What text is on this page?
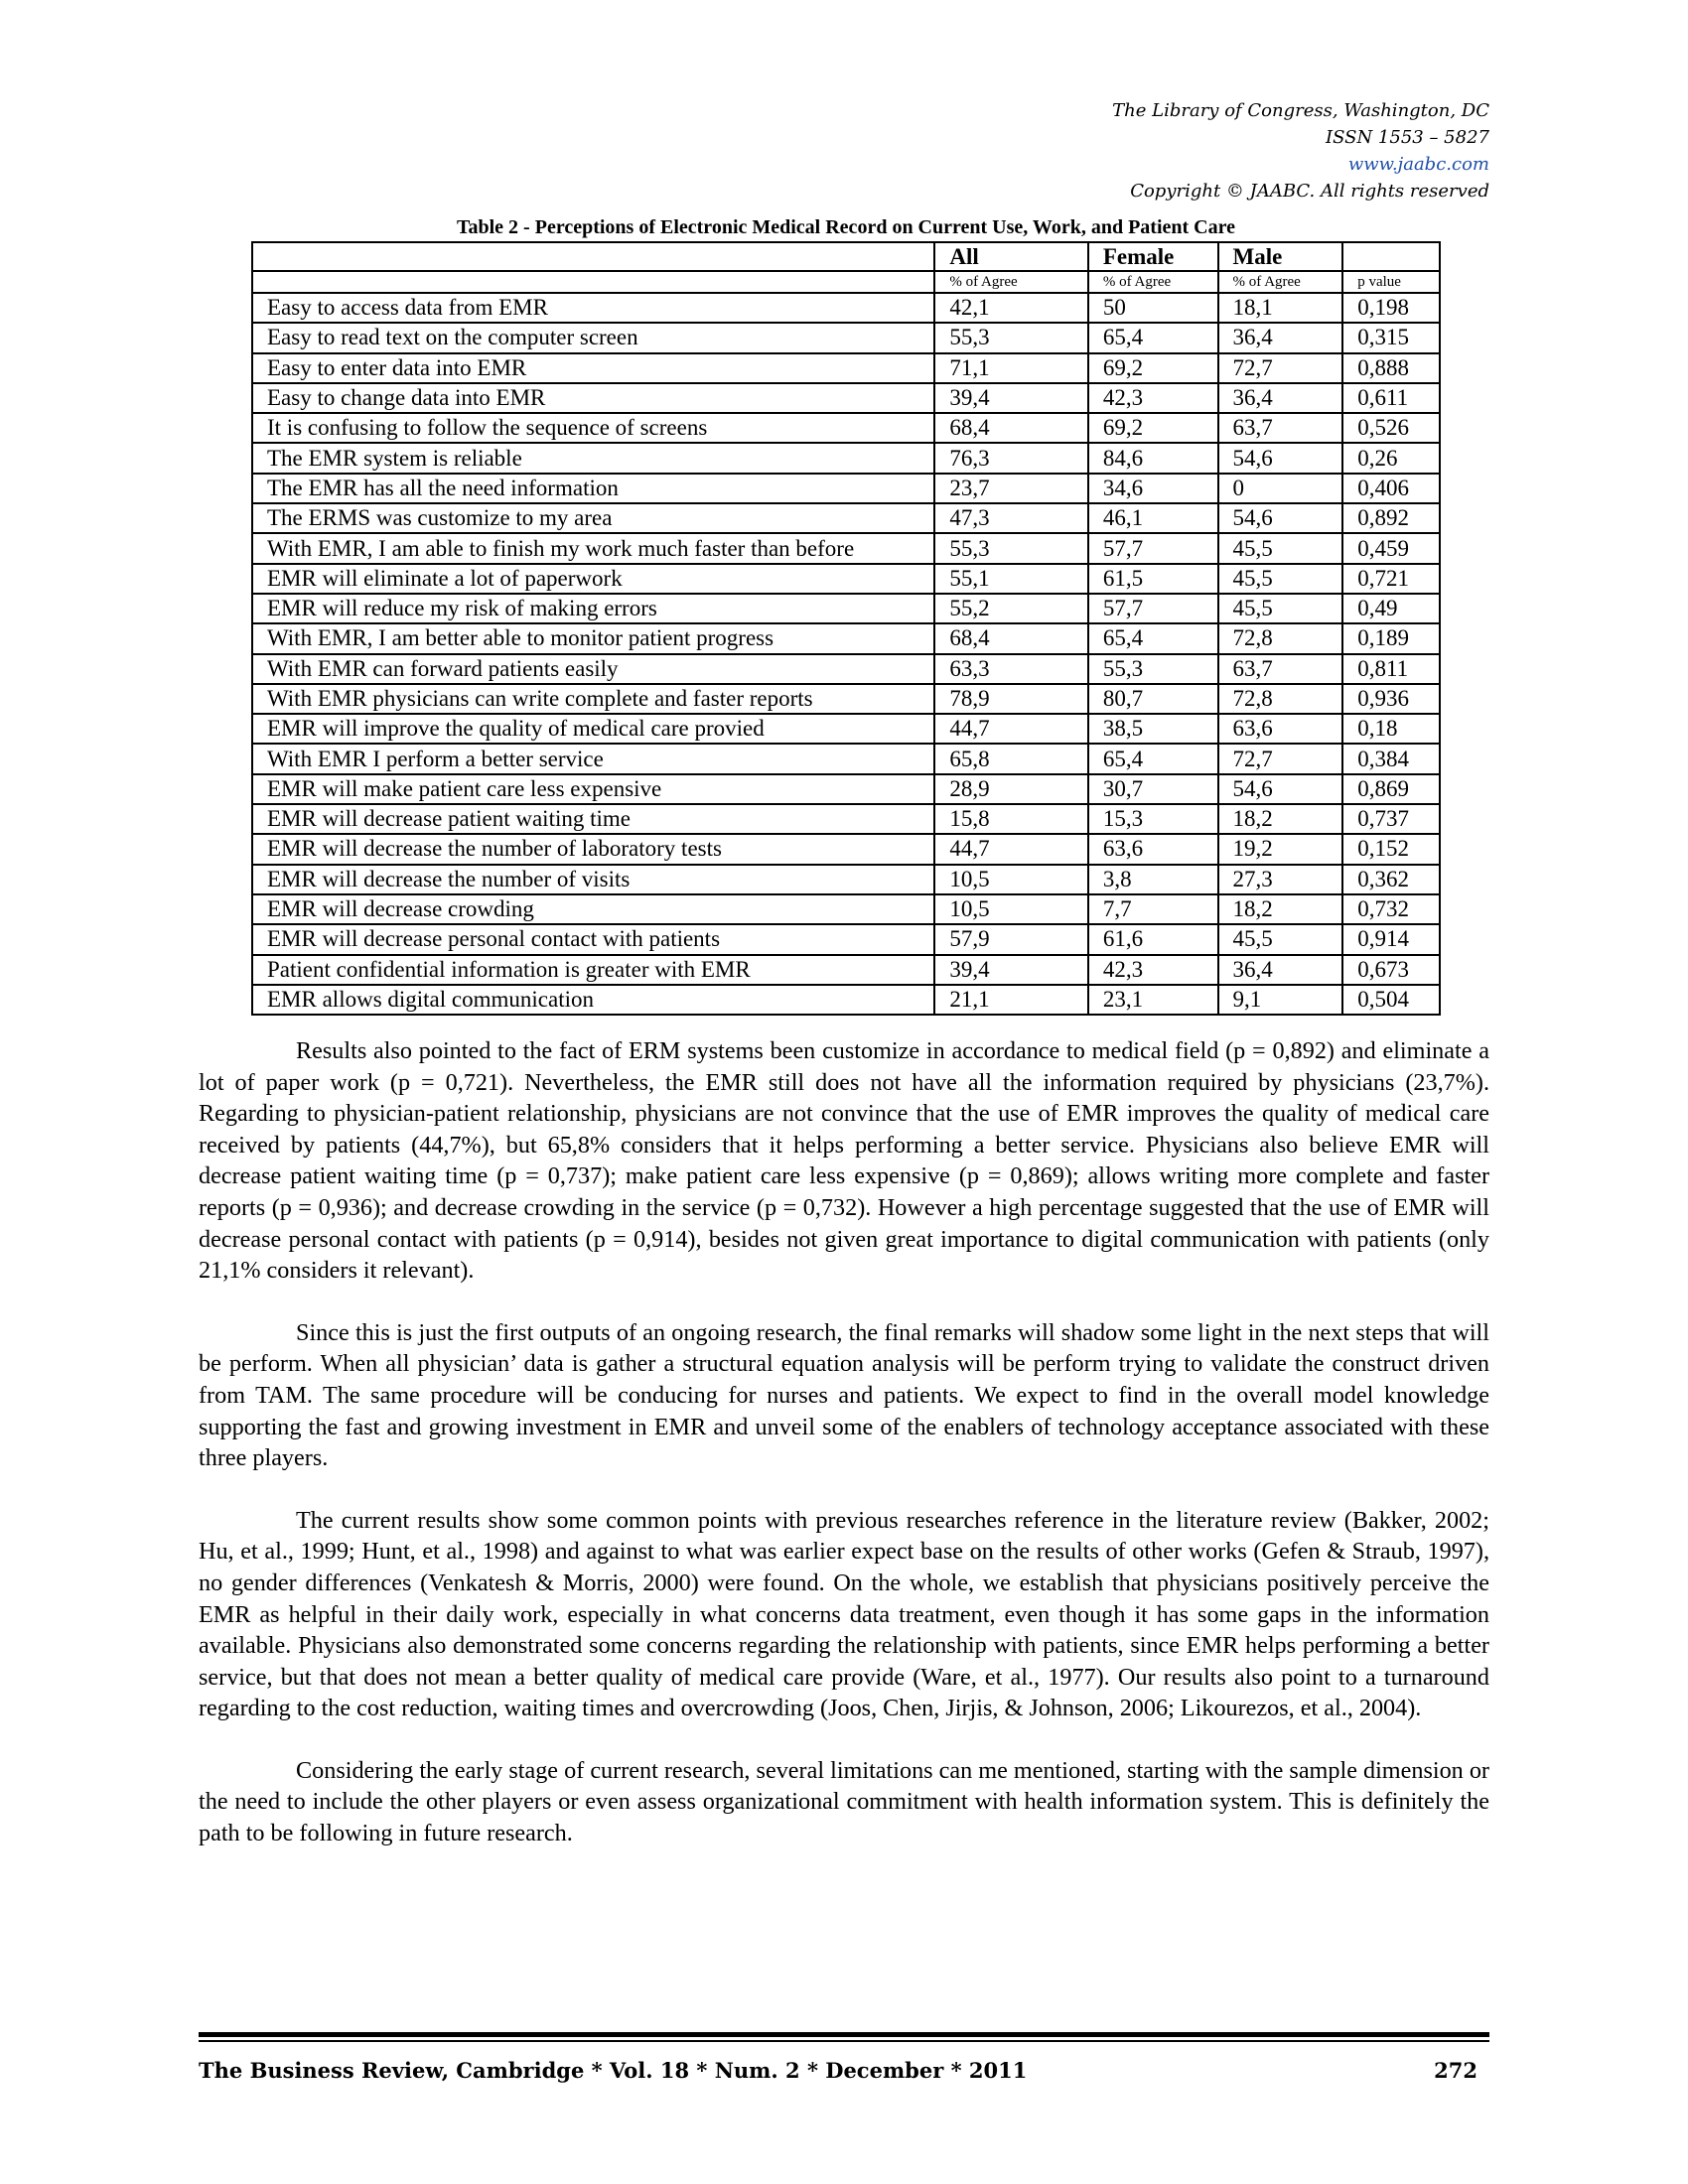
The Library of Congress, Washington, DC
ISSN 1553 – 5827
www.jaabc.com
Copyright © JAABC. All rights reserved
Table 2 - Perceptions of Electronic Medical Record on Current Use, Work, and Patient Care
	All	Female	Male	
	% of Agree	% of Agree	% of Agree	p value
Easy to access data from EMR	42,1	50	18,1	0,198
Easy to read text on the computer screen	55,3	65,4	36,4	0,315
Easy to enter data into EMR	71,1	69,2	72,7	0,888
Easy to change data into EMR	39,4	42,3	36,4	0,611
It is confusing to follow the sequence of screens	68,4	69,2	63,7	0,526
The EMR system is reliable	76,3	84,6	54,6	0,26
The EMR has all the need information	23,7	34,6	0	0,406
The ERMS was customize to my area	47,3	46,1	54,6	0,892
With EMR, I am able to finish my work much faster than before	55,3	57,7	45,5	0,459
EMR will eliminate a lot of paperwork	55,1	61,5	45,5	0,721
EMR will reduce my risk of making errors	55,2	57,7	45,5	0,49
With EMR, I am better able to monitor patient progress	68,4	65,4	72,8	0,189
With EMR can forward patients easily	63,3	55,3	63,7	0,811
With EMR physicians can write complete and faster reports	78,9	80,7	72,8	0,936
EMR will improve the quality of medical care provied	44,7	38,5	63,6	0,18
With EMR I perform a better service	65,8	65,4	72,7	0,384
EMR will make patient care less expensive	28,9	30,7	54,6	0,869
EMR will decrease patient waiting time	15,8	15,3	18,2	0,737
EMR will decrease the number of laboratory tests	44,7	63,6	19,2	0,152
EMR will decrease the number of visits	10,5	3,8	27,3	0,362
EMR will decrease crowding	10,5	7,7	18,2	0,732
EMR will decrease personal contact with patients	57,9	61,6	45,5	0,914
Patient confidential information is greater with EMR	39,4	42,3	36,4	0,673
EMR allows digital communication	21,1	23,1	9,1	0,504

Results also pointed to the fact of ERM systems been customize in accordance to medical field (p = 0,892) and eliminate a lot of paper work (p = 0,721). Nevertheless, the EMR still does not have all the information required by physicians (23,7%). Regarding to physician-patient relationship, physicians are not convince that the use of EMR improves the quality of medical care received by patients (44,7%), but 65,8% considers that it helps performing a better service. Physicians also believe EMR will decrease patient waiting time (p = 0,737); make patient care less expensive (p = 0,869); allows writing more complete and faster reports (p = 0,936); and decrease crowding in the service (p = 0,732). However a high percentage suggested that the use of EMR will decrease personal contact with patients (p = 0,914), besides not given great importance to digital communication with patients (only 21,1% considers it relevant).

Since this is just the first outputs of an ongoing research, the final remarks will shadow some light in the next steps that will be perform. When all physician’ data is gather a structural equation analysis will be perform trying to validate the construct driven from TAM. The same procedure will be conducing for nurses and patients. We expect to find in the overall model knowledge supporting the fast and growing investment in EMR and unveil some of the enablers of technology acceptance associated with these three players.

The current results show some common points with previous researches reference in the literature review (Bakker, 2002; Hu, et al., 1999; Hunt, et al., 1998) and against to what was earlier expect base on the results of other works (Gefen & Straub, 1997), no gender differences (Venkatesh & Morris, 2000) were found. On the whole, we establish that physicians positively perceive the EMR as helpful in their daily work, especially in what concerns data treatment, even though it has some gaps in the information available. Physicians also demonstrated some concerns regarding the relationship with patients, since EMR helps performing a better service, but that does not mean a better quality of medical care provide (Ware, et al., 1977). Our results also point to a turnaround regarding to the cost reduction, waiting times and overcrowding (Joos, Chen, Jirjis, & Johnson, 2006; Likourezos, et al., 2004).

Considering the early stage of current research, several limitations can me mentioned, starting with the sample dimension or the need to include the other players or even assess organizational commitment with health information system. This is definitely the path to be following in future research.

The Business Review, Cambridge * Vol. 18 * Num. 2 * December * 2011	272
